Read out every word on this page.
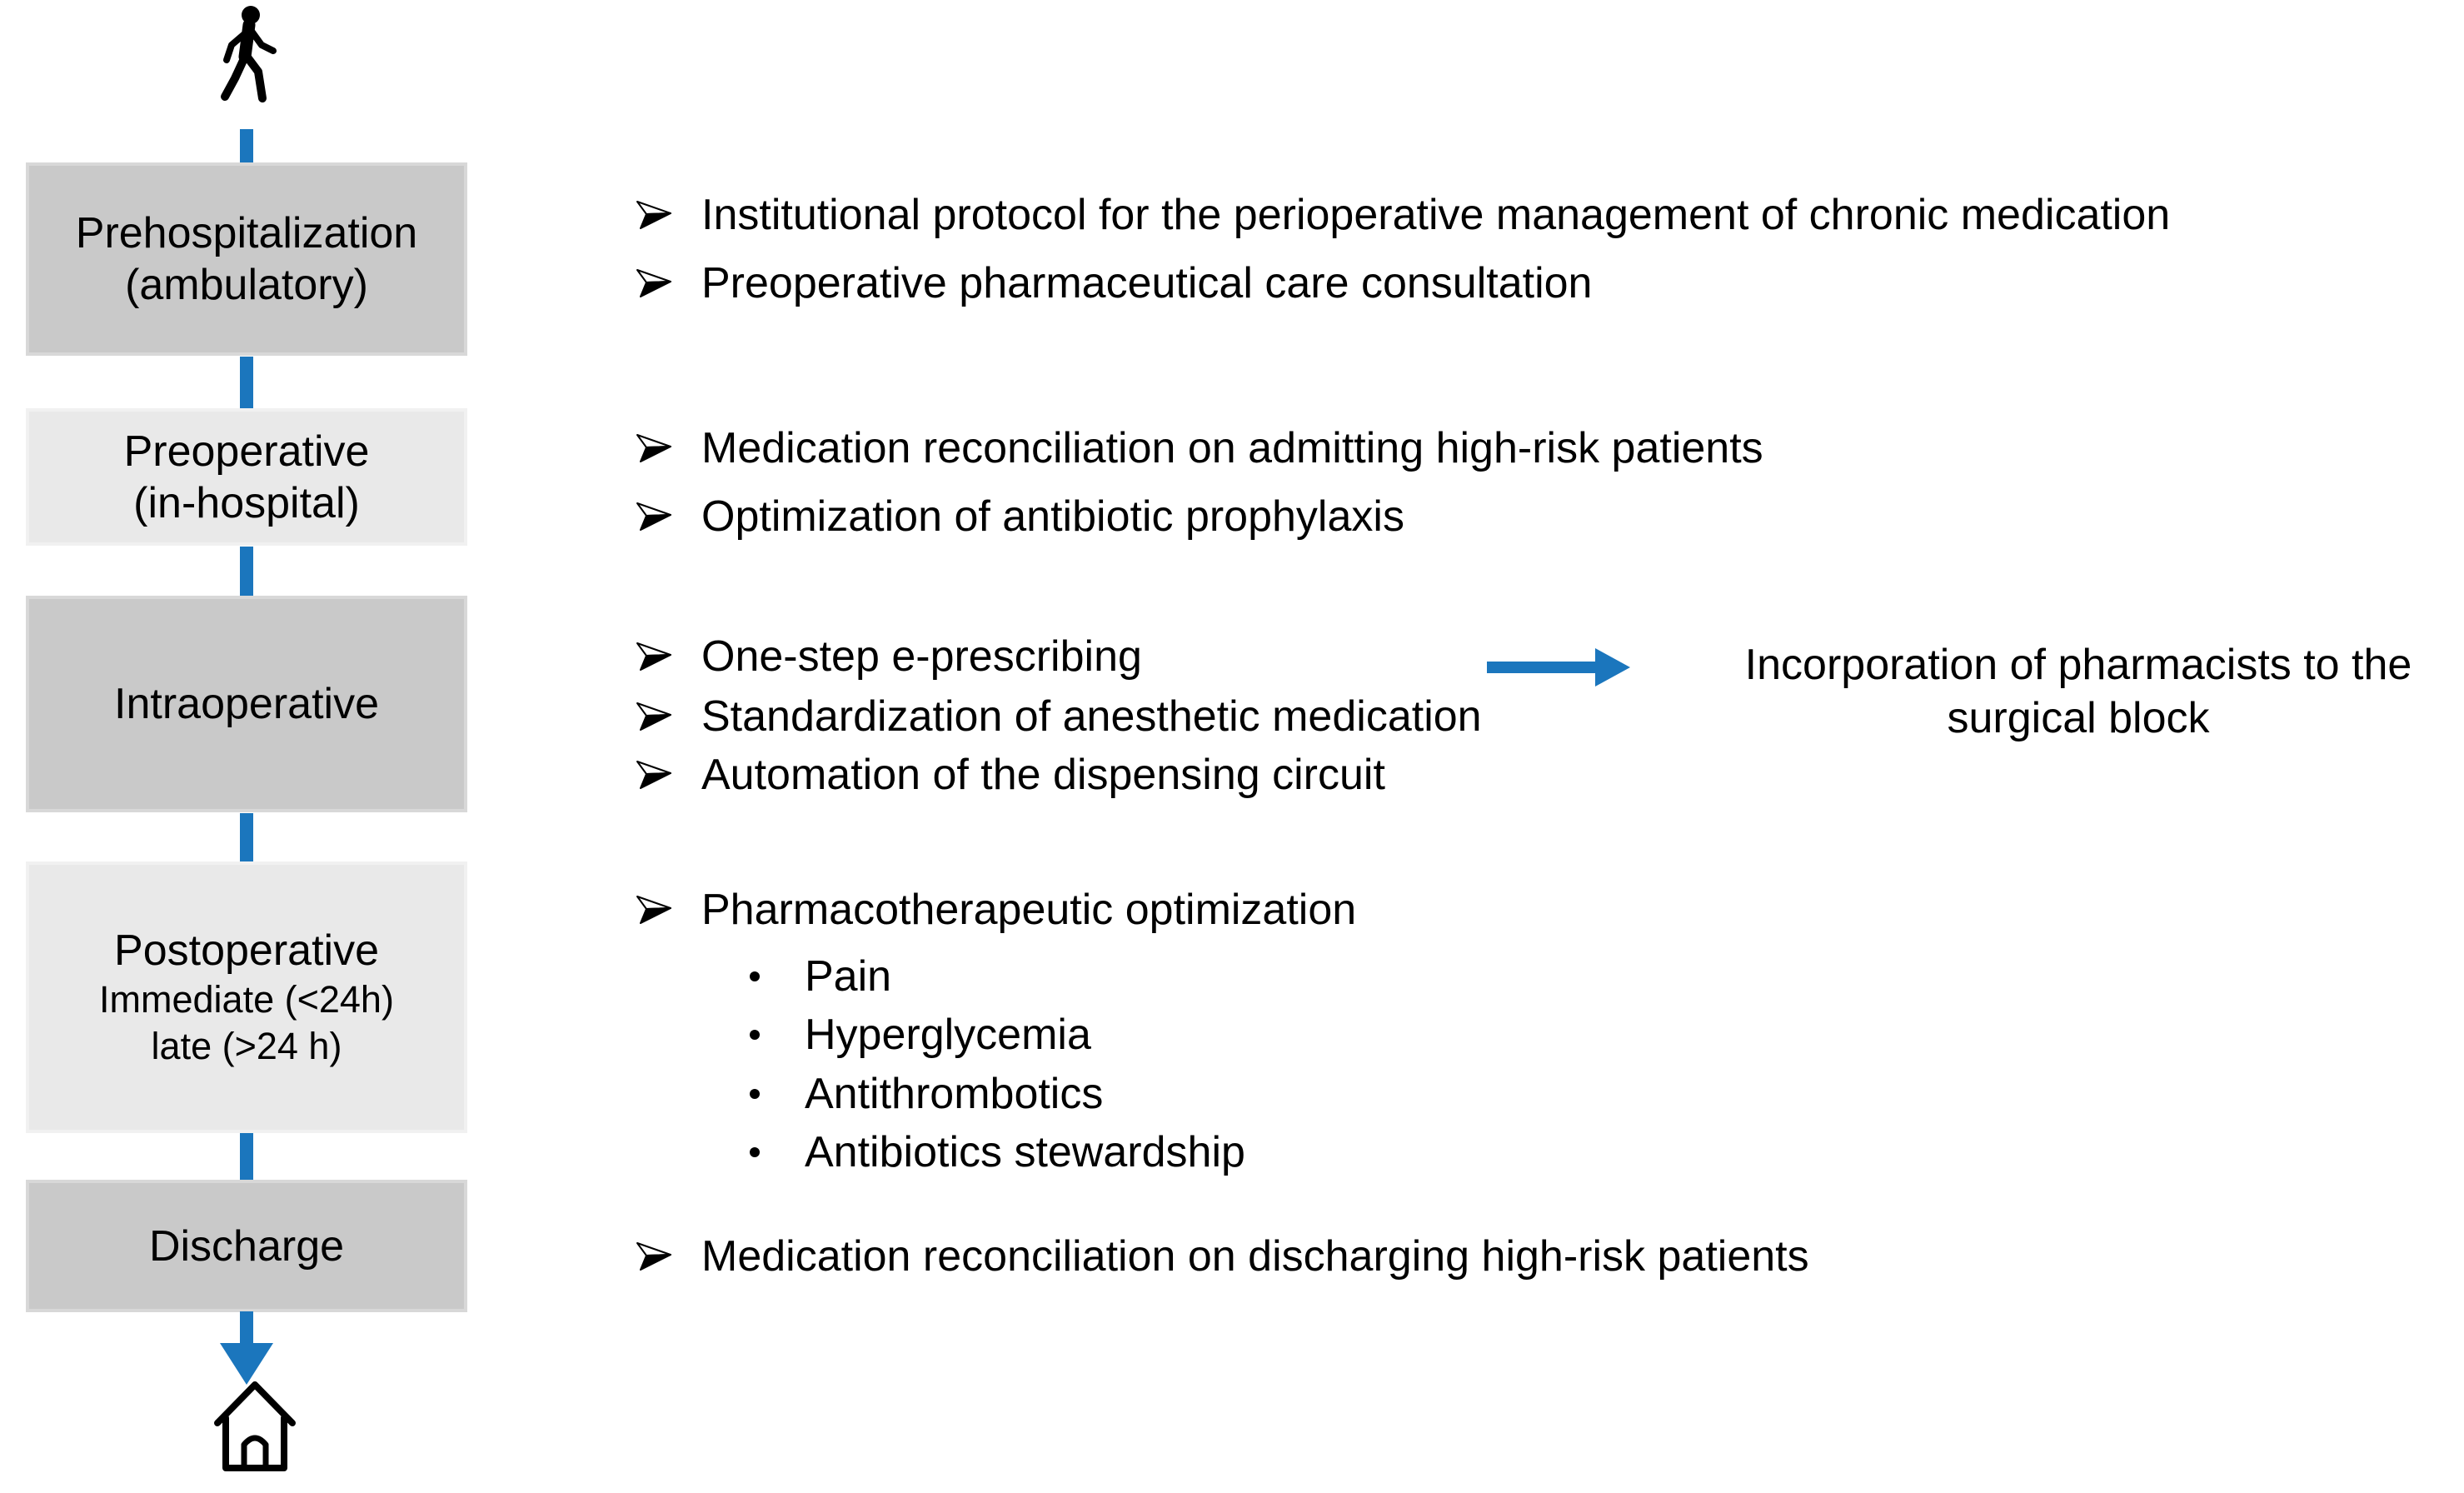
Prehospitalization
(ambulatory)
Preoperative
(in-hospital)
Intraoperative
Postoperative
Immediate (<24h)
late (>24 h)
Discharge
Institutional protocol for the perioperative management of chronic medication
Preoperative pharmaceutical care consultation
Medication reconciliation on admitting high-risk patients
Optimization of antibiotic prophylaxis
One-step e-prescribing
Standardization of anesthetic medication
Automation of the dispensing circuit
Incorporation of pharmacists to the
surgical block
Pharmacotherapeutic optimization
Pain
Hyperglycemia
Antithrombotics
Antibiotics stewardship
Medication reconciliation on discharging high-risk patients
